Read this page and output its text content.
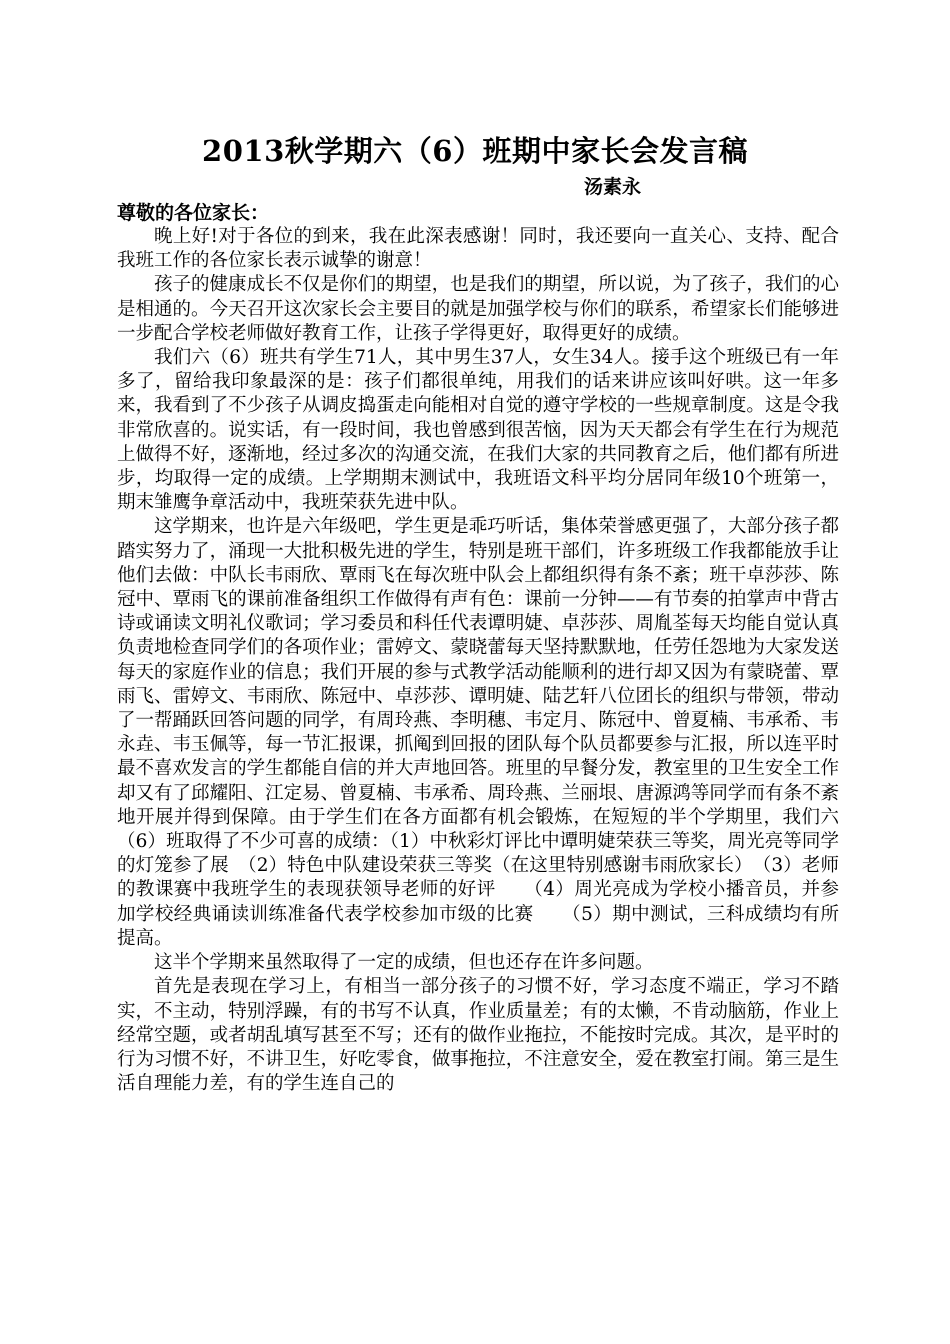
2013秋学期六（6）班期中家长会发言稿
汤素永
尊敬的各位家长：

晚上好!对于各位的到来，我在此深表感谢！同时，我还要向一直关心、支持、配合我班工作的各位家长表示诚挚的谢意！

孩子的健康成长不仅是你们的期望，也是我们的期望，所以说，为了孩子，我们的心是相通的。今天召开这次家长会主要目的就是加强学校与你们的联系，希望家长们能够进一步配合学校老师做好教育工作，让孩子学得更好，取得更好的成绩。

我们六（6）班共有学生71人，其中男生37人，女生34人。接手这个班级已有一年多了，留给我印象最深的是：孩子们都很单纯，用我们的话来讲应该叫好哄。这一年多来，我看到了不少孩子从调皮捣蛋走向能相对自觉的遵守学校的一些规章制度。这是令我非常欣喜的。说实话，有一段时间，我也曾感到很苦恼，因为天天都会有学生在行为规范上做得不好，逐渐地，经过多次的沟通交流，在我们大家的共同教育之后，他们都有所进步，均取得一定的成绩。上学期期末测试中，我班语文科平均分居同年级10个班第一，期末雏鹰争章活动中，我班荣获先进中队。

这学期来，也许是六年级吧，学生更是乖巧听话，集体荣誉感更强了，大部分孩子都踏实努力了，涌现一大批积极先进的学生，特别是班干部们，许多班级工作我都能放手让他们去做：中队长韦雨欣、覃雨飞在每次班中队会上都组织得有条不紊；班干卓莎莎、陈冠中、覃雨飞的课前准备组织工作做得有声有色：课前一分钟——有节奏的拍掌声中背古诗或诵读文明礼仪歌词；学习委员和科任代表谭明婕、卓莎莎、周胤荃每天均能自觉认真负责地检查同学们的各项作业；雷婷文、蒙晓蕾每天坚持默默地，任劳任怨地为大家发送每天的家庭作业的信息；我们开展的参与式教学活动能顺利的进行却又因为有蒙晓蕾、覃雨飞、雷婷文、韦雨欣、陈冠中、卓莎莎、谭明婕、陆艺轩八位团长的组织与带领，带动了一帮踊跃回答问题的同学，有周玲燕、李明穗、韦定月、陈冠中、曾夏楠、韦承希、韦永垚、韦玉佩等，每一节汇报课，抓阄到回报的团队每个队员都要参与汇报，所以连平时最不喜欢发言的学生都能自信的并大声地回答。班里的早餐分发，教室里的卫生安全工作却又有了邱耀阳、江定易、曾夏楠、韦承希、周玲燕、兰丽垠、唐源鸿等同学而有条不紊地开展并得到保障。由于学生们在各方面都有机会锻炼，在短短的半个学期里，我们六（6）班取得了不少可喜的成绩：（1）中秋彩灯评比中谭明婕荣获三等奖，周光亮等同学的灯笼参了展　（2）特色中队建设荣获三等奖（在这里特别感谢韦雨欣家长）　（3）老师的教课赛中我班学生的表现获领导老师的好评　　（4）周光亮成为学校小播音员，并参加学校经典诵读训练准备代表学校参加市级的比赛　　（5）期中测试，三科成绩均有所提高。

这半个学期来虽然取得了一定的成绩，但也还存在许多问题。

首先是表现在学习上，有相当一部分孩子的习惯不好，学习态度不端正，学习不踏实，不主动，特别浮躁，有的书写不认真，作业质量差；有的太懒，不肯动脑筋，作业上经常空题，或者胡乱填写甚至不写；还有的做作业拖拉，不能按时完成。其次，是平时的行为习惯不好，不讲卫生，好吃零食，做事拖拉，不注意安全，爱在教室打闹。第三是生活自理能力差，有的学生连自己的
